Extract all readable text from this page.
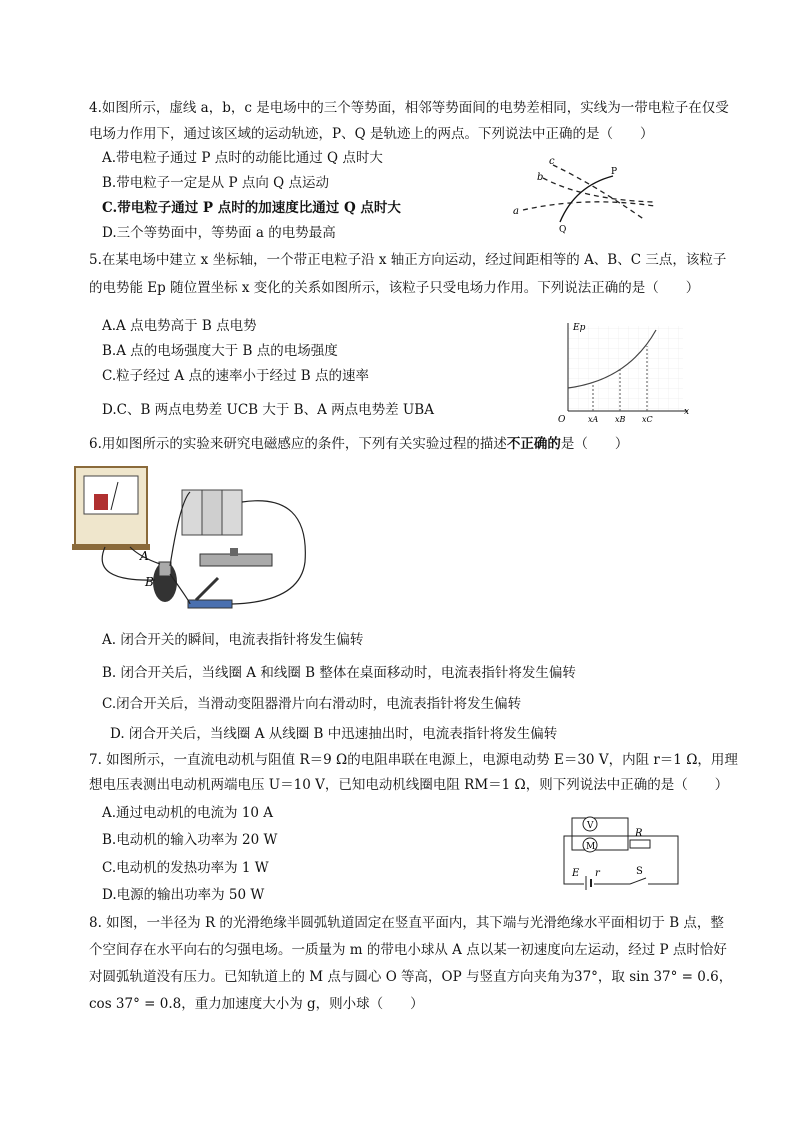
4.如图所示，虚线 a，b，c 是电场中的三个等势面，相邻等势面间的电势差相同，实线为一带电粒子在仅受
电场力作用下，通过该区域的运动轨迹，P、Q 是轨迹上的两点。下列说法中正确的是（　　）
A.带电粒子通过 P 点时的动能比通过 Q 点时大
B.带电粒子一定是从 P 点向 Q 点运动
C.带电粒子通过 P 点时的加速度比通过 Q 点时大
D.三个等势面中，等势面 a 的电势最高
c
b
a
P
Q
5.在某电场中建立 x 坐标轴，一个带正电粒子沿 x 轴正方向运动，经过间距相等的 A、B、C 三点，该粒子
的电势能 Ep 随位置坐标 x 变化的关系如图所示，该粒子只受电场力作用。下列说法正确的是（　　）
A.A 点电势高于 B 点电势
B.A 点的电场强度大于 B 点的电场强度
C.粒子经过 A 点的速率小于经过 B 点的速率
D.C、B 两点电势差 UCB 大于 B、A 两点电势差 UBA
Ep
x
O	xA xB xC
6.用如图所示的实验来研究电磁感应的条件，下列有关实验过程的描述不正确的是（　　）
A
B
A. 闭合开关的瞬间，电流表指针将发生偏转
B. 闭合开关后，当线圈 A 和线圈 B 整体在桌面移动时，电流表指针将发生偏转
C.闭合开关后，当滑动变阻器滑片向右滑动时，电流表指针将发生偏转
D. 闭合开关后，当线圈 A 从线圈 B 中迅速抽出时，电流表指针将发生偏转
7. 如图所示，一直流电动机与阻值 R＝9 Ω的电阻串联在电源上，电源电动势 E＝30 V，内阻 r＝1 Ω，用理
想电压表测出电动机两端电压 U＝10 V，已知电动机线圈电阻 RM＝1 Ω，则下列说法中正确的是（　　）
A.通过电动机的电流为 10 A
B.电动机的输入功率为 20 W
C.电动机的发热功率为 1 W
D.电源的输出功率为 50 W
V
M
R
E r	S
8. 如图，一半径为 R 的光滑绝缘半圆弧轨道固定在竖直平面内，其下端与光滑绝缘水平面相切于 B 点，整
个空间存在水平向右的匀强电场。一质量为 m 的带电小球从 A 点以某一初速度向左运动，经过 P 点时恰好
对圆弧轨道没有压力。已知轨道上的 M 点与圆心 O 等高，OP 与竖直方向夹角为37°，取 sin 37° = 0.6，
cos 37° = 0.8，重力加速度大小为 g，则小球（　　）
